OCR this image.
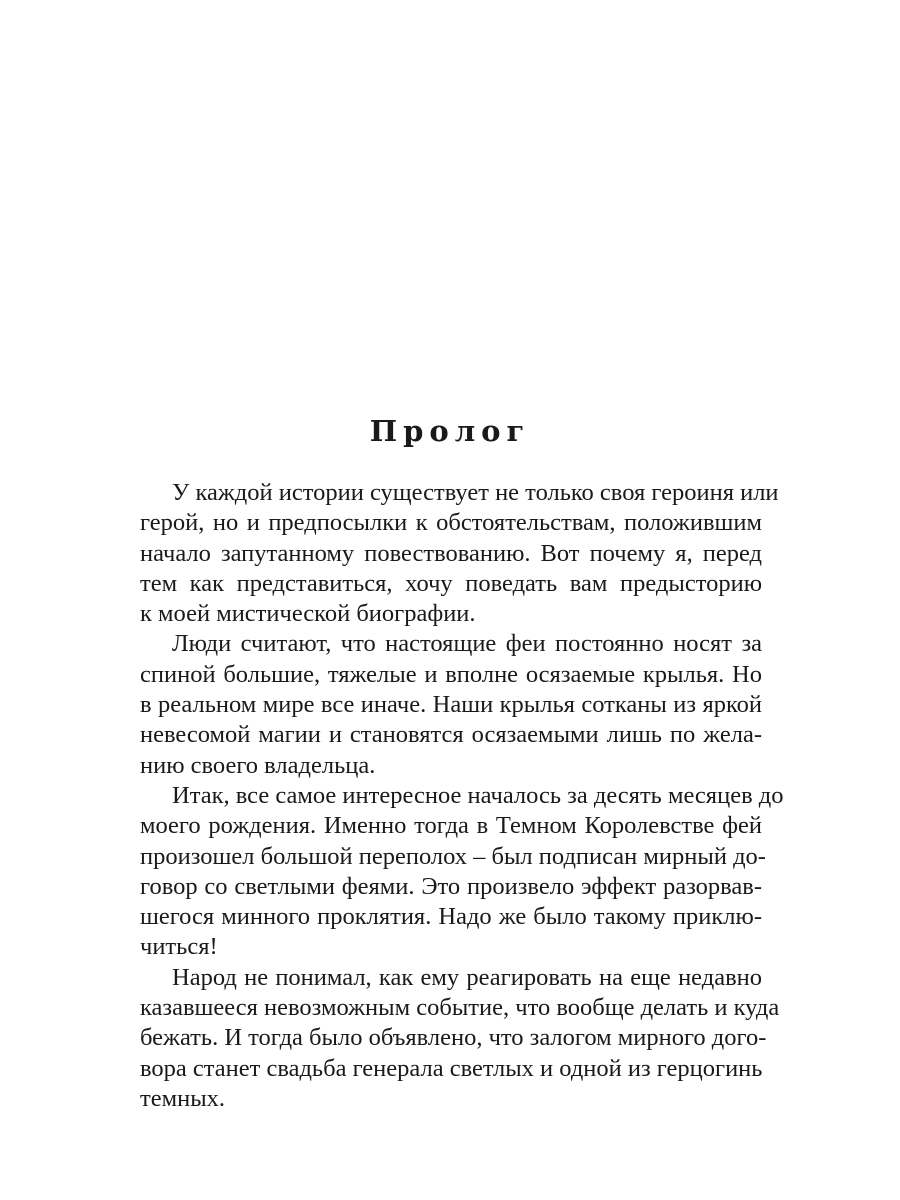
Пролог
У каждой истории существует не только своя героиня или
герой, но и предпосылки к обстоятельствам, положившим
начало запутанному повествованию. Вот почему я, перед
тем как представиться, хочу поведать вам предысторию
к моей мистической биографии.
Люди считают, что настоящие феи постоянно носят за
спиной большие, тяжелые и вполне осязаемые крылья. Но
в реальном мире все иначе. Наши крылья сотканы из яркой
невесомой магии и становятся осязаемыми лишь по жела-
нию своего владельца.
Итак, все самое интересное началось за десять месяцев до
моего рождения. Именно тогда в Темном Королевстве фей
произошел большой переполох – был подписан мирный до-
говор со светлыми феями. Это произвело эффект разорвав-
шегося минного проклятия. Надо же было такому приклю-
читься!
Народ не понимал, как ему реагировать на еще недавно
казавшееся невозможным событие, что вообще делать и куда
бежать. И тогда было объявлено, что залогом мирного дого-
вора станет свадьба генерала светлых и одной из герцогинь
темных.
